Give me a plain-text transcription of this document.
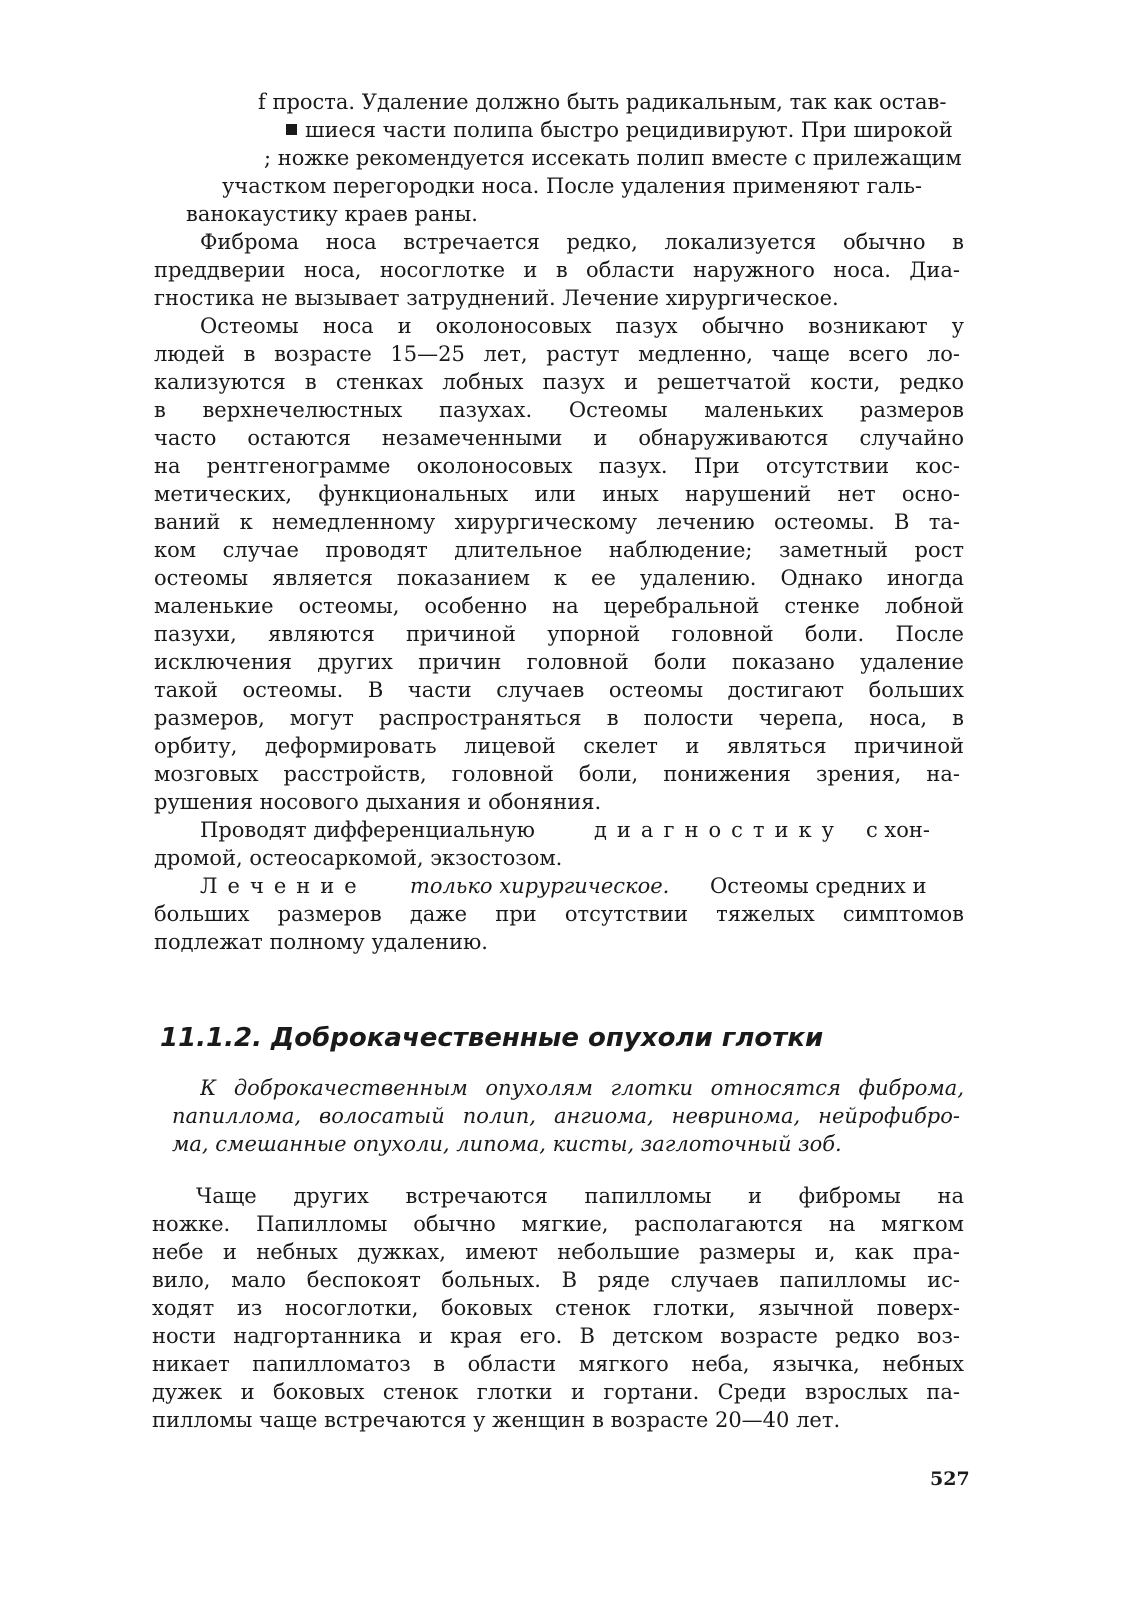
f проста. Удаление должно быть радикальным, так как остав-
шиеся части полипа быстро рецидивируют. При широкой
; ножке рекомендуется иссекать полип вместе с прилежащим
участком перегородки носа. После удаления применяют галь-
ванокаустику краев раны.
Фиброма носа встречается редко, локализуется обычно в
преддверии носа, носоглотке и в области наружного носа. Диа-
гностика не вызывает затруднений. Лечение хирургическое.
Остеомы носа и околоносовых пазух обычно возникают у
людей в возрасте 15—25 лет, растут медленно, чаще всего ло-
кализуются в стенках лобных пазух и решетчатой кости, редко
в верхнечелюстных пазухах. Остеомы маленьких размеров
часто остаются незамеченными и обнаруживаются случайно
на рентгенограмме околоносовых пазух. При отсутствии кос-
метических, функциональных или иных нарушений нет осно-
ваний к немедленному хирургическому лечению остеомы. В та-
ком случае проводят длительное наблюдение; заметный рост
остеомы является показанием к ее удалению. Однако иногда
маленькие остеомы, особенно на церебральной стенке лобной
пазухи, являются причиной упорной головной боли. После
исключения других причин головной боли показано удаление
такой остеомы. В части случаев остеомы достигают больших
размеров, могут распространяться в полости черепа, носа, в
орбиту, деформировать лицевой скелет и являться причиной
мозговых расстройств, головной боли, понижения зрения, на-
рушения носового дыхания и обоняния.
Проводят дифференциальную	диагностику с хон-
дромой, остеосаркомой, экзостозом.
Лечение только хирургическое. Остеомы средних и
больших размеров даже при отсутствии тяжелых симптомов
подлежат полному удалению.
11.1.2. Доброкачественные опухоли глотки
К доброкачественным опухолям глотки относятся фиброма,
папиллома, волосатый полип, ангиома, невринома, нейрофибро-
ма, смешанные опухоли, липома, кисты, заглоточный зоб.
Чаще других встречаются папилломы и фибромы на
ножке. Папилломы обычно мягкие, располагаются на мягком
небе и небных дужках, имеют небольшие размеры и, как пра-
вило, мало беспокоят больных. В ряде случаев папилломы ис-
ходят из носоглотки, боковых стенок глотки, язычной поверх-
ности надгортанника и края его. В детском возрасте редко воз-
никает папилломатоз в области мягкого неба, язычка, небных
дужек и боковых стенок глотки и гортани. Среди взрослых па-
пилломы чаще встречаются у женщин в возрасте 20—40 лет.
527
